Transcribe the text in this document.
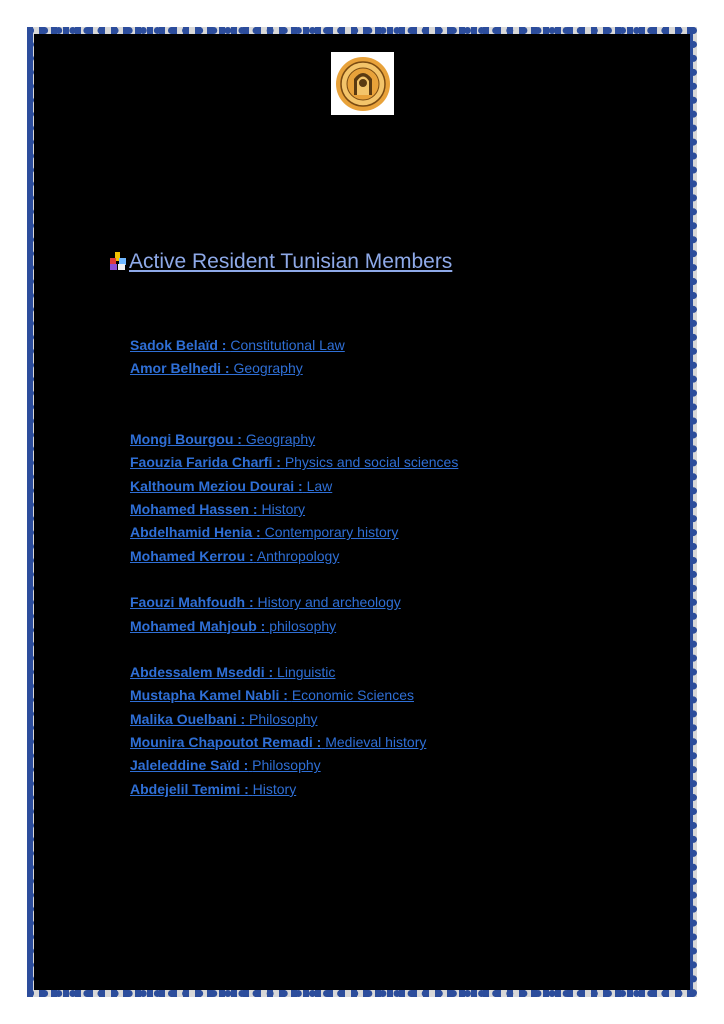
Active Resident Tunisian Members
Sadok Belaïd : Constitutional Law
Amor Belhedi : Geography
Mongi Bourgou : Geography
Faouzia Farida Charfi : Physics and social sciences
Kalthoum Meziou Dourai : Law
Mohamed Hassen : History
Abdelhamid Henia : Contemporary history
Mohamed Kerrou : Anthropology
Faouzi Mahfoudh : History and archeology
Mohamed Mahjoub : philosophy
Abdessalem Mseddi : Linguistic
Mustapha Kamel Nabli : Economic Sciences
Malika Ouelbani : Philosophy
Mounira Chapoutot Remadi : Medieval history
Jaleleddine Saïd : Philosophy
Abdejelil Temimi : History
